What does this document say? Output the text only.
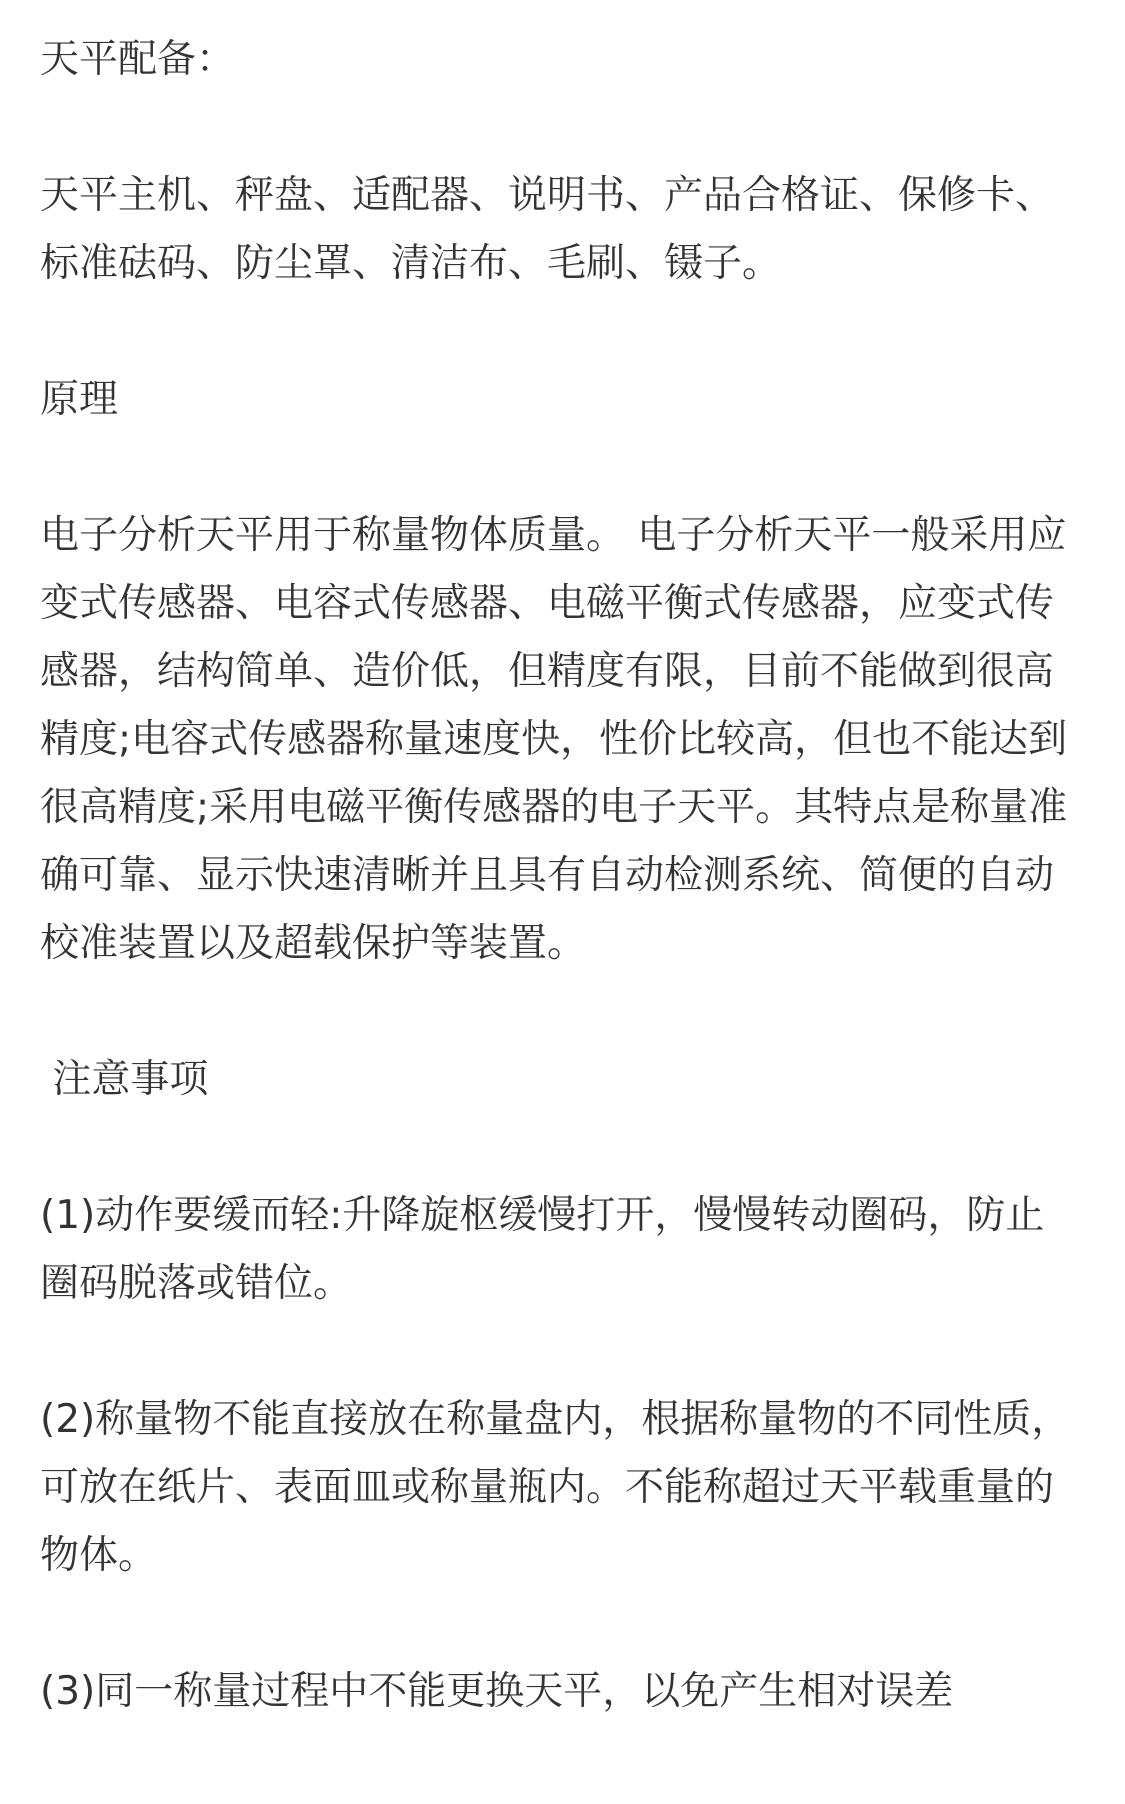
天平配备：

天平主机、秤盘、适配器、说明书、产品合格证、保修卡、标准砝码、防尘罩、清洁布、毛刷、镊子。

原理

电子分析天平用于称量物体质量。 电子分析天平一般采用应变式传感器、电容式传感器、电磁平衡式传感器，应变式传感器，结构简单、造价低，但精度有限，目前不能做到很高精度;电容式传感器称量速度快，性价比较高，但也不能达到很高精度;采用电磁平衡传感器的电子天平。其特点是称量准确可靠、显示快速清晰并且具有自动检测系统、简便的自动校准装置以及超载保护等装置。

注意事项

(1)动作要缓而轻:升降旋枢缓慢打开，慢慢转动圈码，防止圈码脱落或错位。

(2)称量物不能直接放在称量盘内，根据称量物的不同性质，可放在纸片、表面皿或称量瓶内。不能称超过天平载重量的物体。

(3)同一称量过程中不能更换天平，以免产生相对误差
